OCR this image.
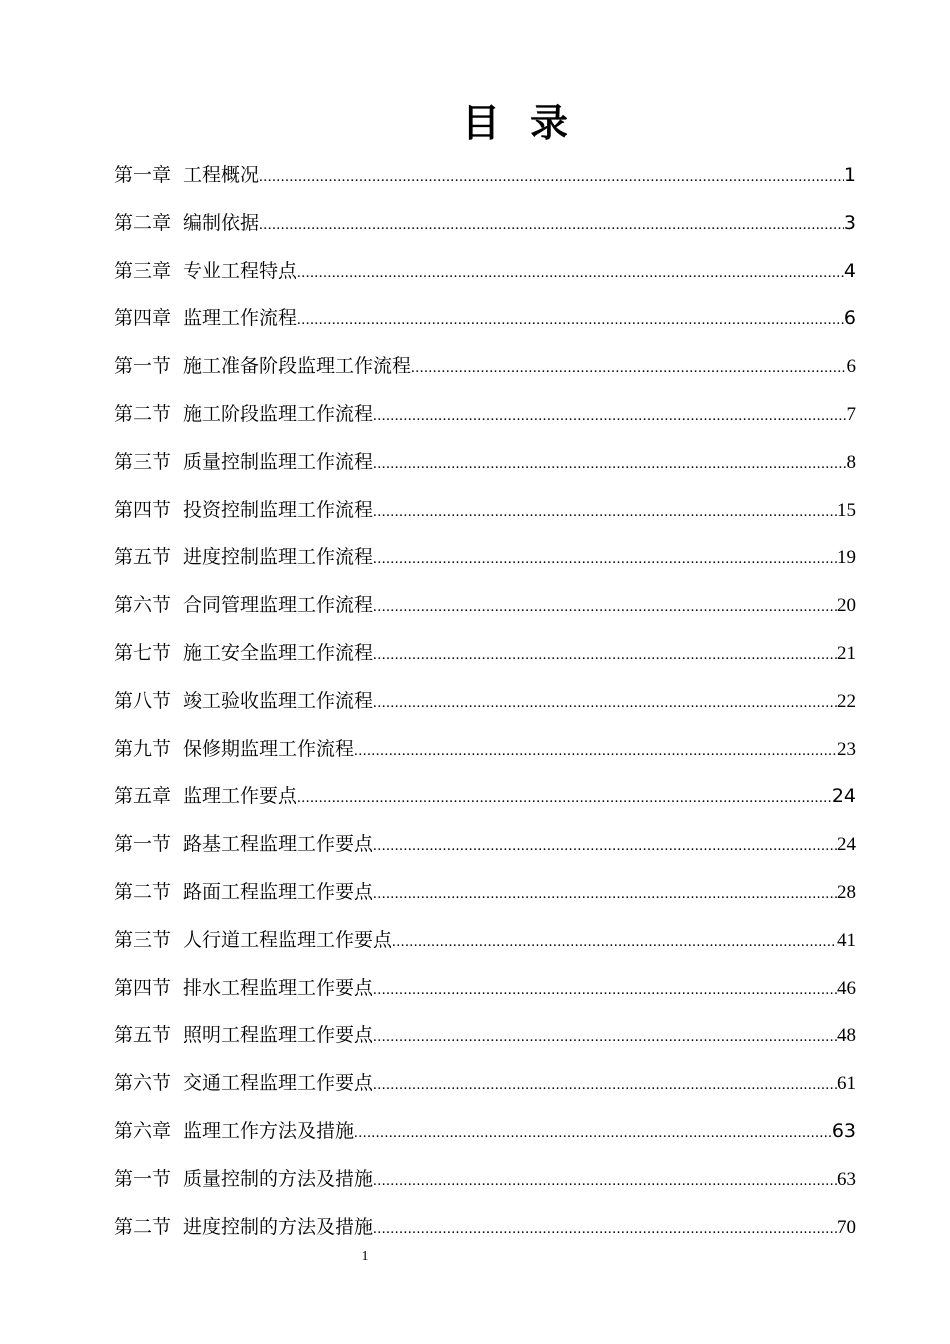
目录
第一章 工程概况 .....	1
第二章 编制依据 .....	3
第三章 专业工程特点 .....	4
第四章 监理工作流程 .....	6
第一节 施工准备阶段监理工作流程 .....	6
第二节 施工阶段监理工作流程 .....	7
第三节 质量控制监理工作流程 .....	8
第四节 投资控制监理工作流程 .....	15
第五节 进度控制监理工作流程 .....	19
第六节 合同管理监理工作流程 .....	20
第七节 施工安全监理工作流程 .....	21
第八节 竣工验收监理工作流程 .....	22
第九节 保修期监理工作流程 .....	23
第五章 监理工作要点 .....	24
第一节 路基工程监理工作要点 .....	24
第二节 路面工程监理工作要点 .....	28
第三节 人行道工程监理工作要点 .....	41
第四节 排水工程监理工作要点 .....	46
第五节 照明工程监理工作要点 .....	48
第六节 交通工程监理工作要点 .....	61
第六章 监理工作方法及措施 .....	63
第一节 质量控制的方法及措施 .....	63
第二节 进度控制的方法及措施 .....	70
1
